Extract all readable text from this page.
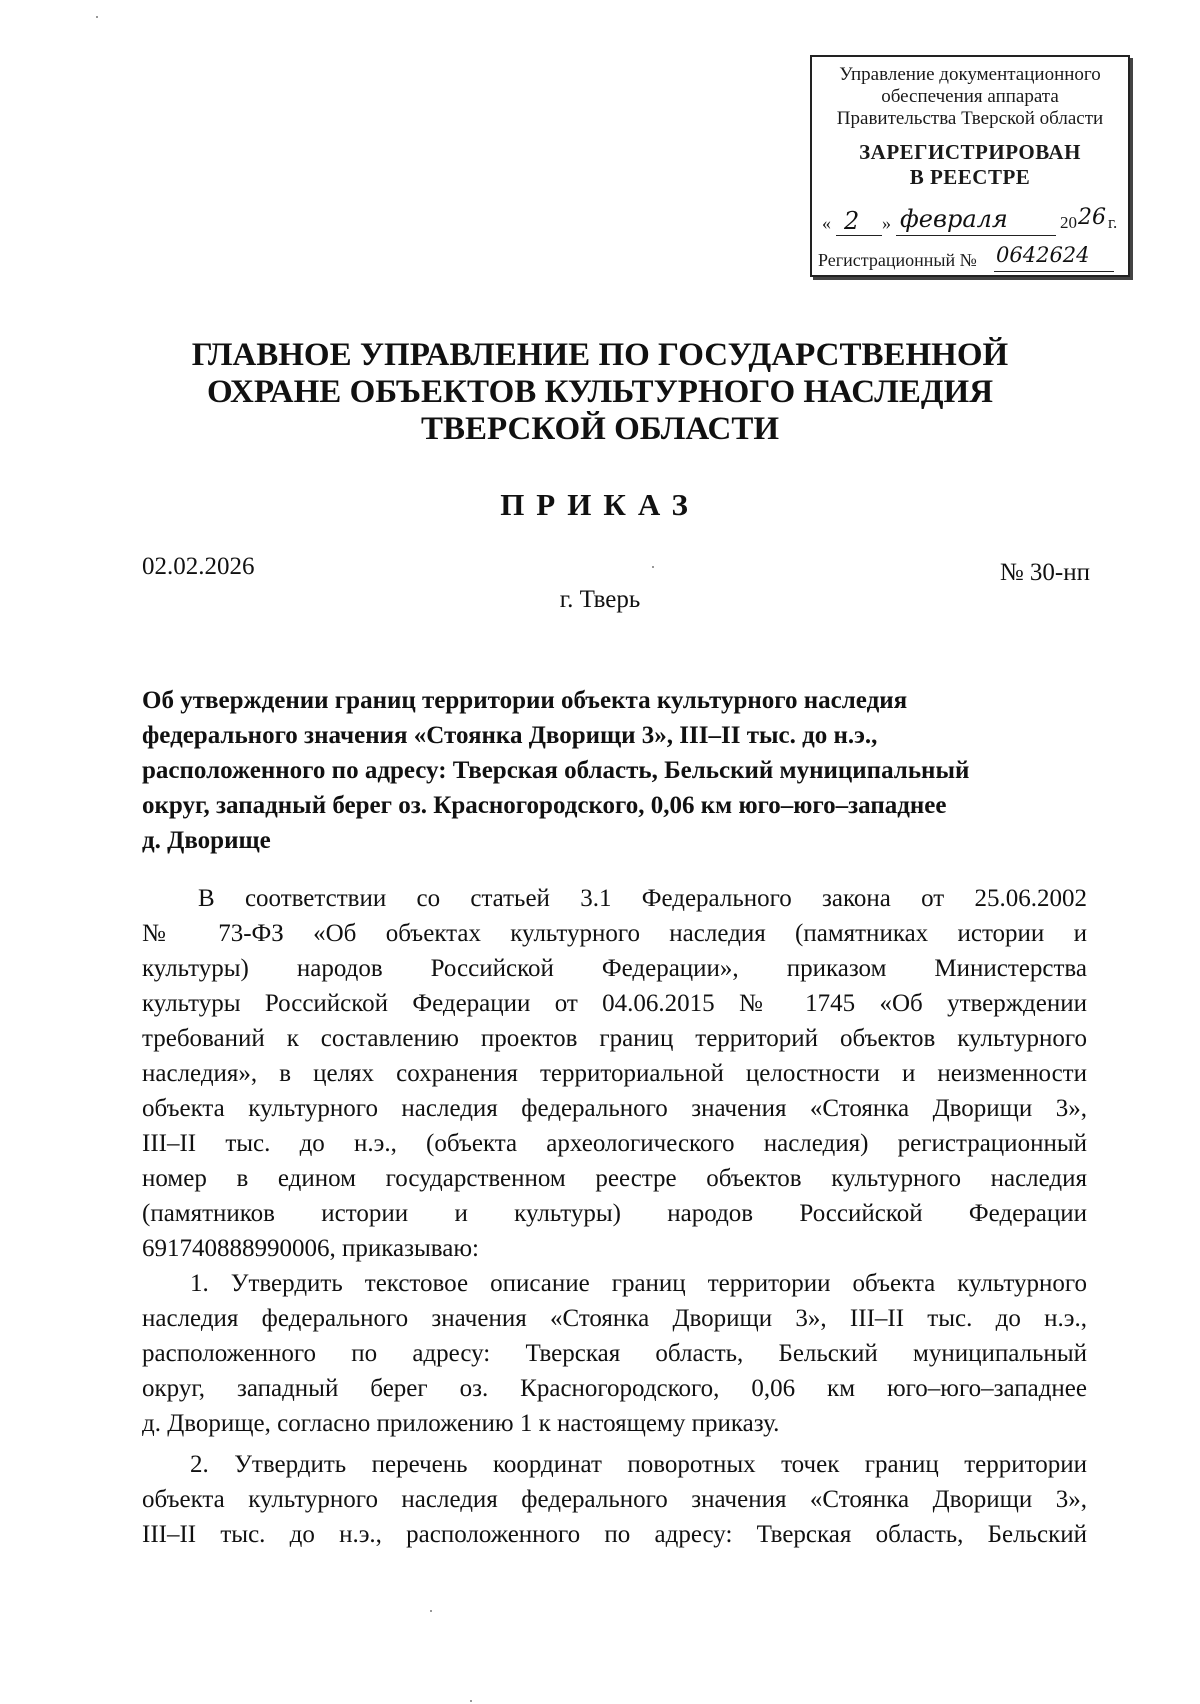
Управление документационного
обеспечения аппарата
Правительства Тверской области
ЗАРЕГИСТРИРОВАН
В РЕЕСТРЕ
« 2 » февраля	20 26 г.
Регистрационный № 0642624
ГЛАВНОЕ УПРАВЛЕНИЕ ПО ГОСУДАРСТВЕННОЙ
ОХРАНЕ ОБЪЕКТОВ КУЛЬТУРНОГО НАСЛЕДИЯ
ТВЕРСКОЙ ОБЛАСТИ
ПРИКАЗ
02.02.2026	№ 30-нп
г. Тверь
Об утверждении границ территории объекта культурного наследия
федерального значения «Стоянка Дворищи 3», III–II тыс. до н.э.,
расположенного по адресу: Тверская область, Бельский муниципальный
округ, западный берег оз. Красногородского, 0,06 км юго–юго–западнее
д. Дворище
В соответствии со статьей 3.1 Федерального закона от 25.06.2002
№ 73-ФЗ «Об объектах культурного наследия (памятниках истории и
культуры) народов Российской Федерации», приказом Министерства
культуры Российской Федерации от 04.06.2015 № 1745 «Об утверждении
требований к составлению проектов границ территорий объектов культурного
наследия», в целях сохранения территориальной целостности и неизменности
объекта культурного наследия федерального значения «Стоянка Дворищи 3»,
III–II тыс. до н.э., (объекта археологического наследия) регистрационный
номер в едином государственном реестре объектов культурного наследия
(памятников истории и культуры) народов Российской Федерации
691740888990006, приказываю:
1. Утвердить текстовое описание границ территории объекта культурного
наследия федерального значения «Стоянка Дворищи 3», III–II тыс. до н.э.,
расположенного по адресу: Тверская область, Бельский муниципальный
округ, западный берег оз. Красногородского, 0,06 км юго–юго–западнее
д. Дворище, согласно приложению 1 к настоящему приказу.
2. Утвердить перечень координат поворотных точек границ территории
объекта культурного наследия федерального значения «Стоянка Дворищи 3»,
III–II тыс. до н.э., расположенного по адресу: Тверская область, Бельский
